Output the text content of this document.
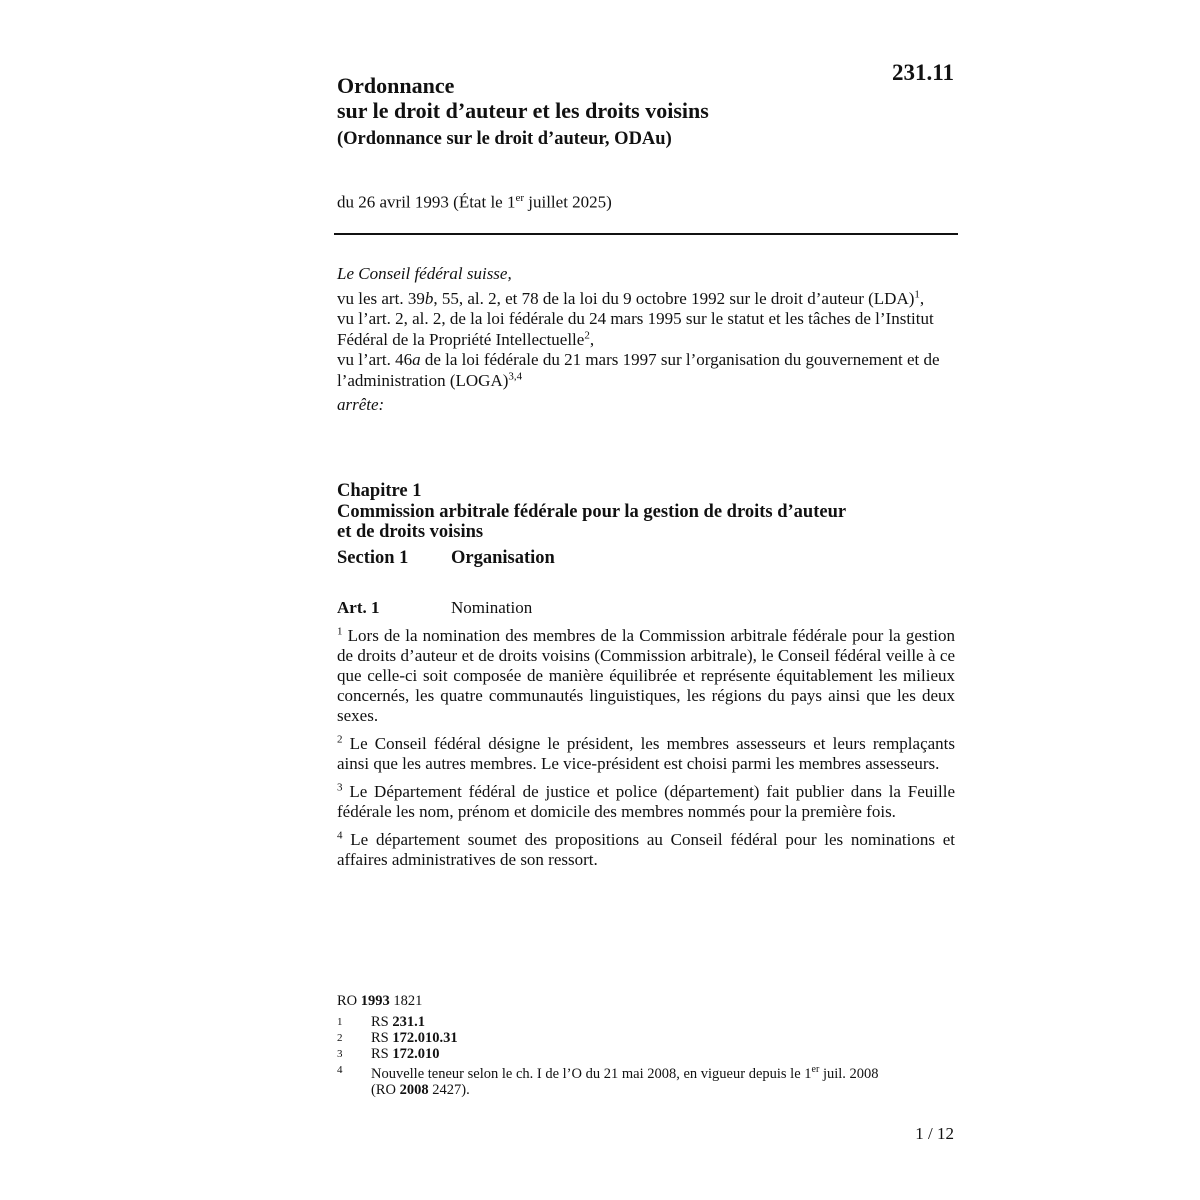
231.11
Ordonnance
sur le droit d’auteur et les droits voisins
(Ordonnance sur le droit d’auteur, ODAu)
du 26 avril 1993 (État le 1er juillet 2025)
Le Conseil fédéral suisse,
vu les art. 39b, 55, al. 2, et 78 de la loi du 9 octobre 1992 sur le droit d’auteur (LDA)$^1$,
vu l’art. 2, al. 2, de la loi fédérale du 24 mars 1995 sur le statut et les tâches de l’Institut Fédéral de la Propriété Intellectuelle$^2$,
vu l’art. 46a de la loi fédérale du 21 mars 1997 sur l’organisation du gouvernement et de l’administration (LOGA)$^{3,4}$
arrête:
Chapitre 1
Commission arbitrale fédérale pour la gestion de droits d’auteur
et de droits voisins
Section 1 Organisation
Art. 1	Nomination

$^1$ Lors de la nomination des membres de la Commission arbitrale fédérale pour la gestion de droits d’auteur et de droits voisins (Commission arbitrale), le Conseil fédéral veille à ce que celle-ci soit composée de manière équilibrée et représente équitablement les milieux concernés, les quatre communautés linguistiques, les régions du pays ainsi que les deux sexes.

$^2$ Le Conseil fédéral désigne le président, les membres assesseurs et leurs remplaçants ainsi que les autres membres. Le vice-président est choisi parmi les membres assesseurs.

$^3$ Le Département fédéral de justice et police (département) fait publier dans la Feuille fédérale les nom, prénom et domicile des membres nommés pour la première fois.

$^4$ Le département soumet des propositions au Conseil fédéral pour les nominations et affaires administratives de son ressort.

RO 1993 1821
1	RS 231.1
2	RS 172.010.31
3	RS 172.010
4	Nouvelle teneur selon le ch. I de l’O du 21 mai 2008, en vigueur depuis le 1er juil. 2008
(RO 2008 2427).
1 / 12
